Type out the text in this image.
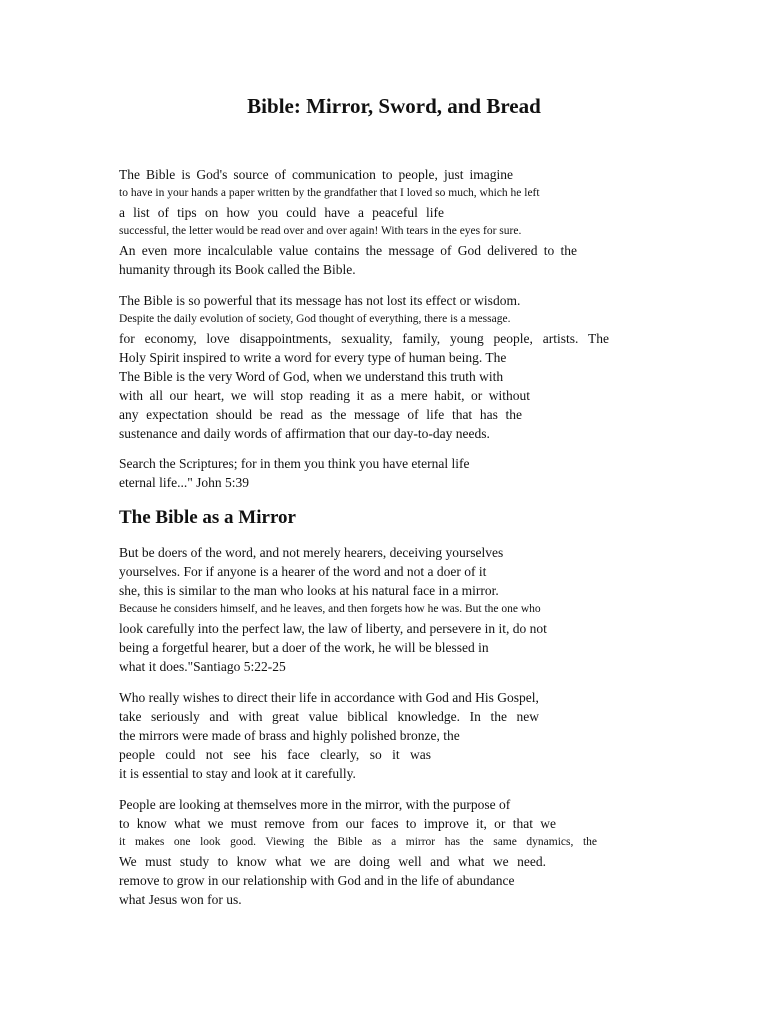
Bible: Mirror, Sword, and Bread
The Bible is God's source of communication to people, just imagine
to have in your hands a paper written by the grandfather that I loved so much, which he left
a list of tips on how you could have a peaceful life
successful, the letter would be read over and over again! With tears in the eyes for sure.
An even more incalculable value contains the message of God delivered to the
humanity through its Book called the Bible.
The Bible is so powerful that its message has not lost its effect or wisdom.
Despite the daily evolution of society, God thought of everything, there is a message.
for economy, love disappointments, sexuality, family, young people, artists. The
Holy Spirit inspired to write a word for every type of human being. The
The Bible is the very Word of God, when we understand this truth with
with all our heart, we will stop reading it as a mere habit, or without
any expectation should be read as the message of life that has the
sustenance and daily words of affirmation that our day-to-day needs.
Search the Scriptures; for in them you think you have eternal life
eternal life..." John 5:39
The Bible as a Mirror
But be doers of the word, and not merely hearers, deceiving yourselves
yourselves. For if anyone is a hearer of the word and not a doer of it
she, this is similar to the man who looks at his natural face in a mirror.
Because he considers himself, and he leaves, and then forgets how he was. But the one who
look carefully into the perfect law, the law of liberty, and persevere in it, do not
being a forgetful hearer, but a doer of the work, he will be blessed in
what it does."Santiago 5:22-25
Who really wishes to direct their life in accordance with God and His Gospel,
take seriously and with great value biblical knowledge. In the new
the mirrors were made of brass and highly polished bronze, the
people could not see his face clearly, so it was
it is essential to stay and look at it carefully.
People are looking at themselves more in the mirror, with the purpose of
to know what we must remove from our faces to improve it, or that we
it makes one look good. Viewing the Bible as a mirror has the same dynamics, the
We must study to know what we are doing well and what we need.
remove to grow in our relationship with God and in the life of abundance
what Jesus won for us.
